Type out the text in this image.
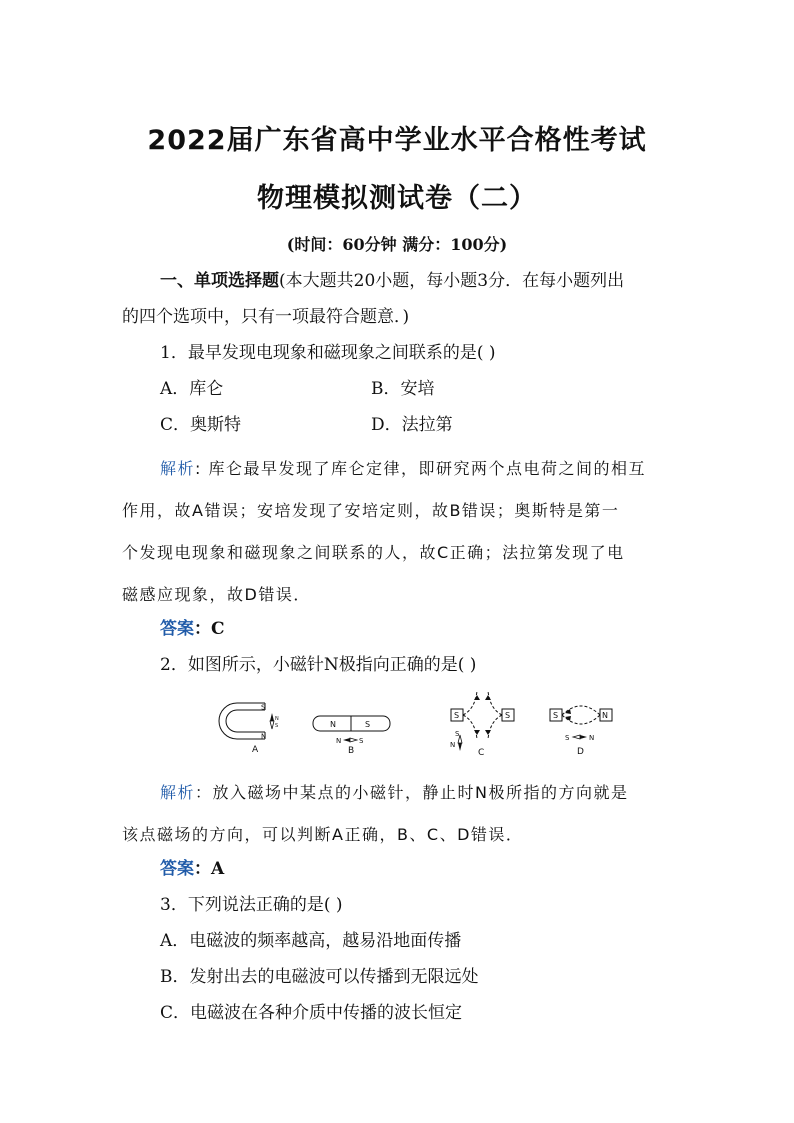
2022届广东省高中学业水平合格性考试
物理模拟测试卷（二）
(时间：60分钟 满分：100分)
一、单项选择题(本大题共20小题，每小题3分．在每小题列出
的四个选项中，只有一项最符合题意．)
1．最早发现电现象和磁现象之间联系的是( )
A．库仑	B．安培
C．奥斯特	D．法拉第
解析: 库仑最早发现了库仑定律，即研究两个点电荷之间的相互
作用，故A错误；安培发现了安培定则，故B错误；奥斯特是第一
个发现电现象和磁现象之间联系的人，故C正确；法拉第发现了电
磁感应现象，故D错误．
答案：C
2．如图所示，小磁针N极指向正确的是( )
S
N
N
S
A
N	S
N	S
B
S	S
S
N
C
S	N
S	N
D
解析：放入磁场中某点的小磁针，静止时N极所指的方向就是
该点磁场的方向，可以判断A正确，B、C、D错误．
答案：A
3．下列说法正确的是( )
A．电磁波的频率越高，越易沿地面传播
B．发射出去的电磁波可以传播到无限远处
C．电磁波在各种介质中传播的波长恒定
